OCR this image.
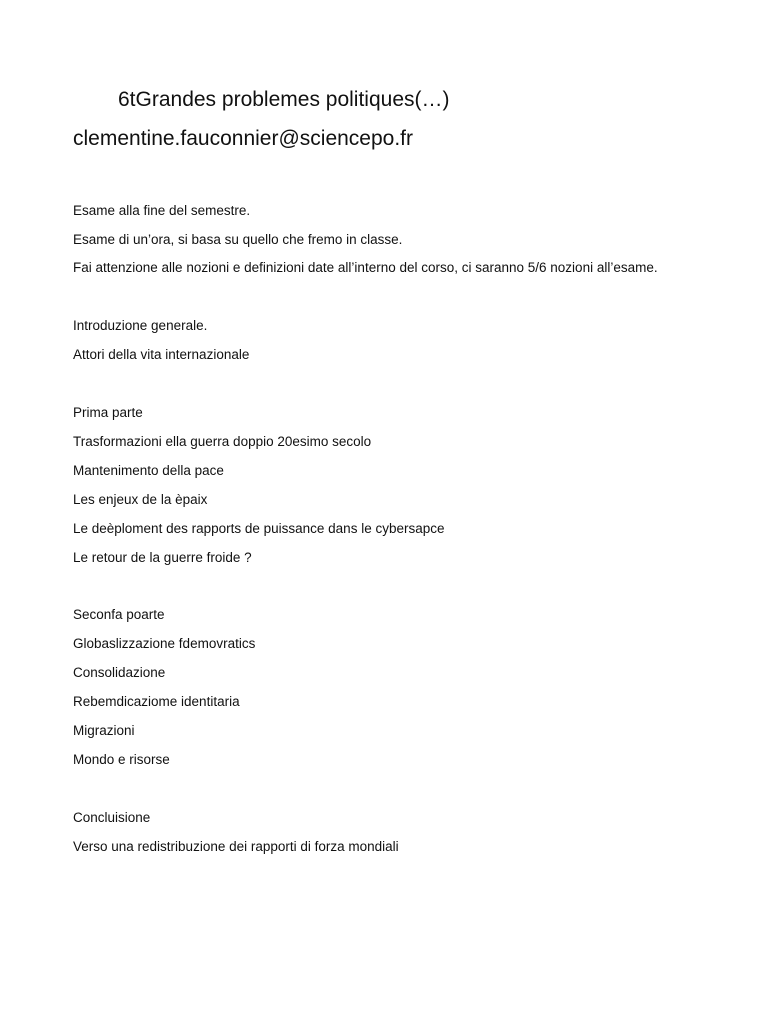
6tGrandes problemes politiques(…)
clementine.fauconnier@sciencepo.fr
Esame alla fine del semestre.
Esame di un’ora, si basa su quello che fremo in classe.
Fai attenzione alle nozioni e definizioni date all’interno del corso, ci saranno 5/6 nozioni all’esame.
Introduzione generale.
Attori della vita internazionale
Prima parte
Trasformazioni ella guerra doppio 20esimo secolo
Mantenimento della pace
Les enjeux de la èpaix
Le deèploment des rapports de puissance dans le cybersapce
Le retour de la guerre froide ?
Seconfa poarte
Globaslizzazione fdemovratics
Consolidazione
Rebemdicaziome identitaria
Migrazioni
Mondo e risorse
Concluisione
Verso una redistribuzione dei rapporti di forza mondiali
